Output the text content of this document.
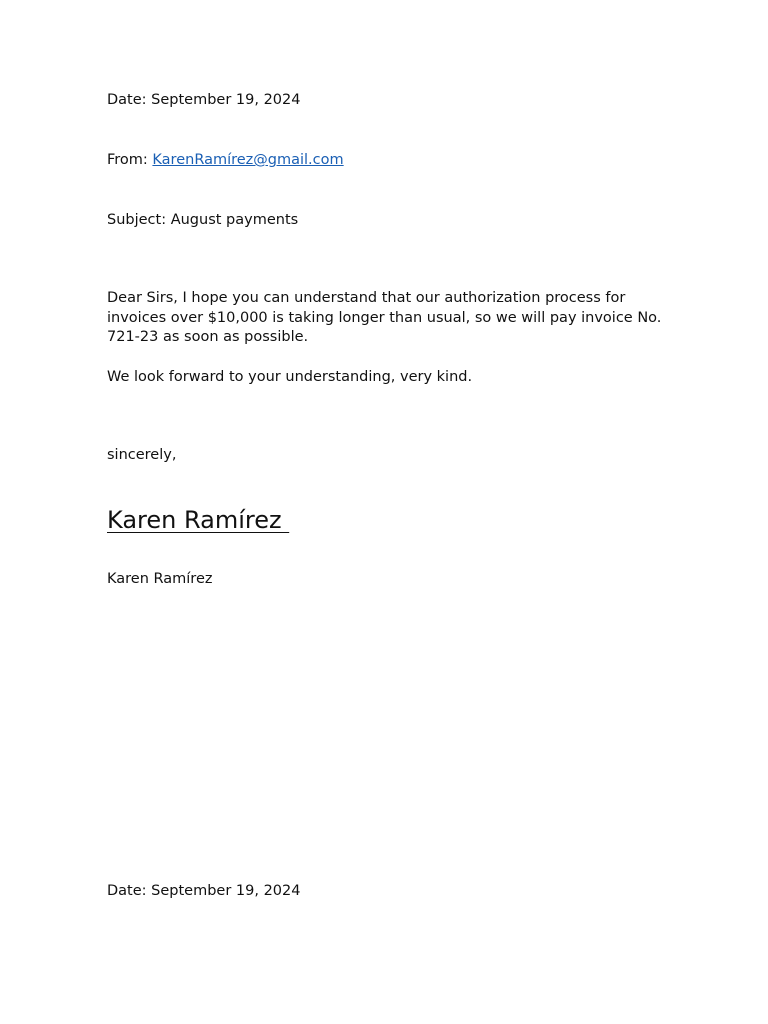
Date: September 19, 2024
From: KarenRamírez@gmail.com
Subject: August payments
Dear Sirs, I hope you can understand that our authorization process for invoices over $10,000 is taking longer than usual, so we will pay invoice No. 721-23 as soon as possible.
We look forward to your understanding, very kind.
sincerely,
Karen Ramírez
Karen Ramírez
Date: September 19, 2024
